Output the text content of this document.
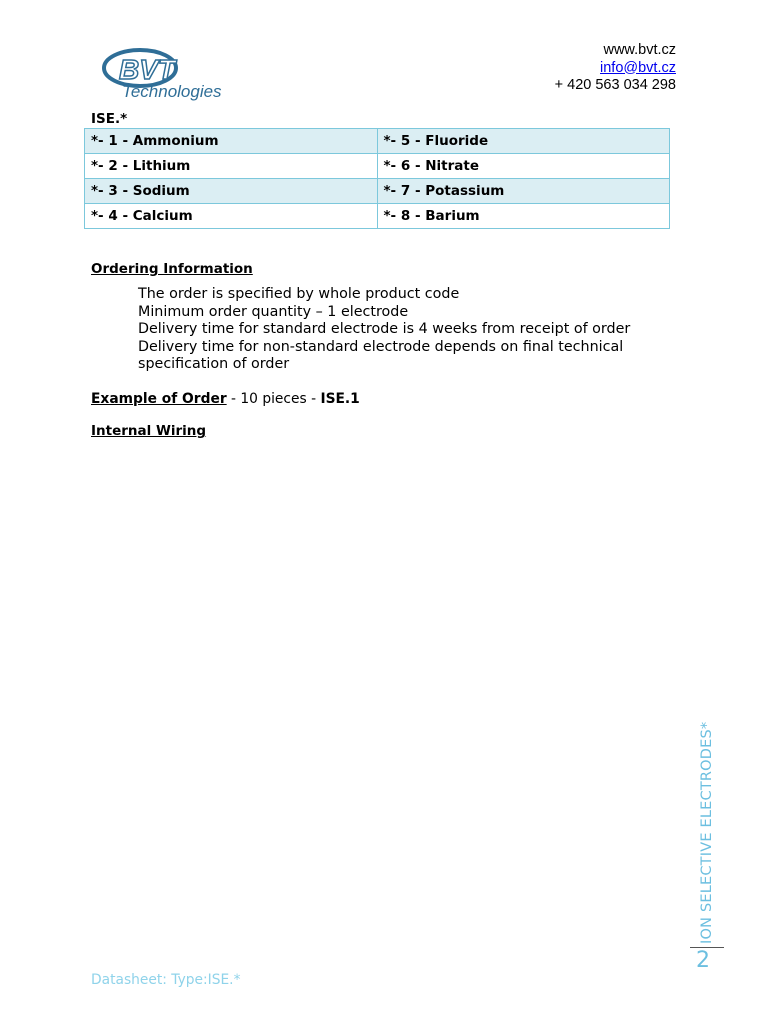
BVT
Technologies
www.bvt.cz
info@bvt.cz
+ 420 563 034 298
ISE.*
*- 1 - Ammonium	*- 5 - Fluoride
*- 2 - Lithium	*- 6 - Nitrate
*- 3 - Sodium	*- 7 - Potassium
*- 4 - Calcium	*- 8 - Barium
Ordering Information
The order is specified by whole product code
Minimum order quantity – 1 electrode
Delivery time for standard electrode is 4 weeks from receipt of order
Delivery time for non-standard electrode depends on final technical specification of order
Example of Order - 10 pieces - ISE.1
Internal Wiring
Datasheet: Type:ISE.*
ION SELECTIVE ELECTRODES*
2
